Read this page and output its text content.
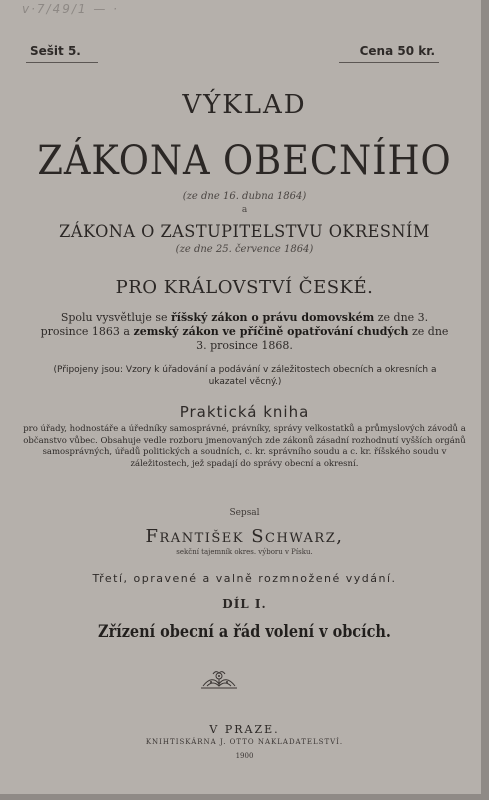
v·7/49/1 — ·
Sešit 5.	Cena 50 kr.
VÝKLAD
ZÁKONA OBECNÍHO
(ze dne 16. dubna 1864)
a
ZÁKONA O ZASTUPITELSTVU OKRESNÍM
(ze dne 25. července 1864)
PRO KRÁLOVSTVÍ ČESKÉ.
Spolu vysvětluje se říšský zákon o právu domovském ze dne 3. prosince 1863 a zemský zákon ve příčině opatřování chudých ze dne 3. prosince 1868.
(Připojeny jsou: Vzory k úřadování a podávání v záležitostech obecních a okresních a ukazatel věcný.)
Praktická kniha
pro úřady, hodnostáře a úředníky samosprávné, právníky, správy velkostatků a průmyslových závodů a občanstvo vůbec. Obsahuje vedle rozboru jmenovaných zde zákonů zásadní rozhodnutí vyšších orgánů samosprávných, úřadů politických a soudních, c. kr. správního soudu a c. kr. říšského soudu v záležitostech, jež spadají do správy obecní a okresní.
Sepsal
František Schwarz,
sekční tajemník okres. výboru v Písku.
Třetí, opravené a valně rozmnožené vydání.
DÍL I.
Zřízení obecní a řád volení v obcích.
V PRAZE.
KNIHTISKÁRNA J. OTTO NAKLADATELSTVÍ.
1900
